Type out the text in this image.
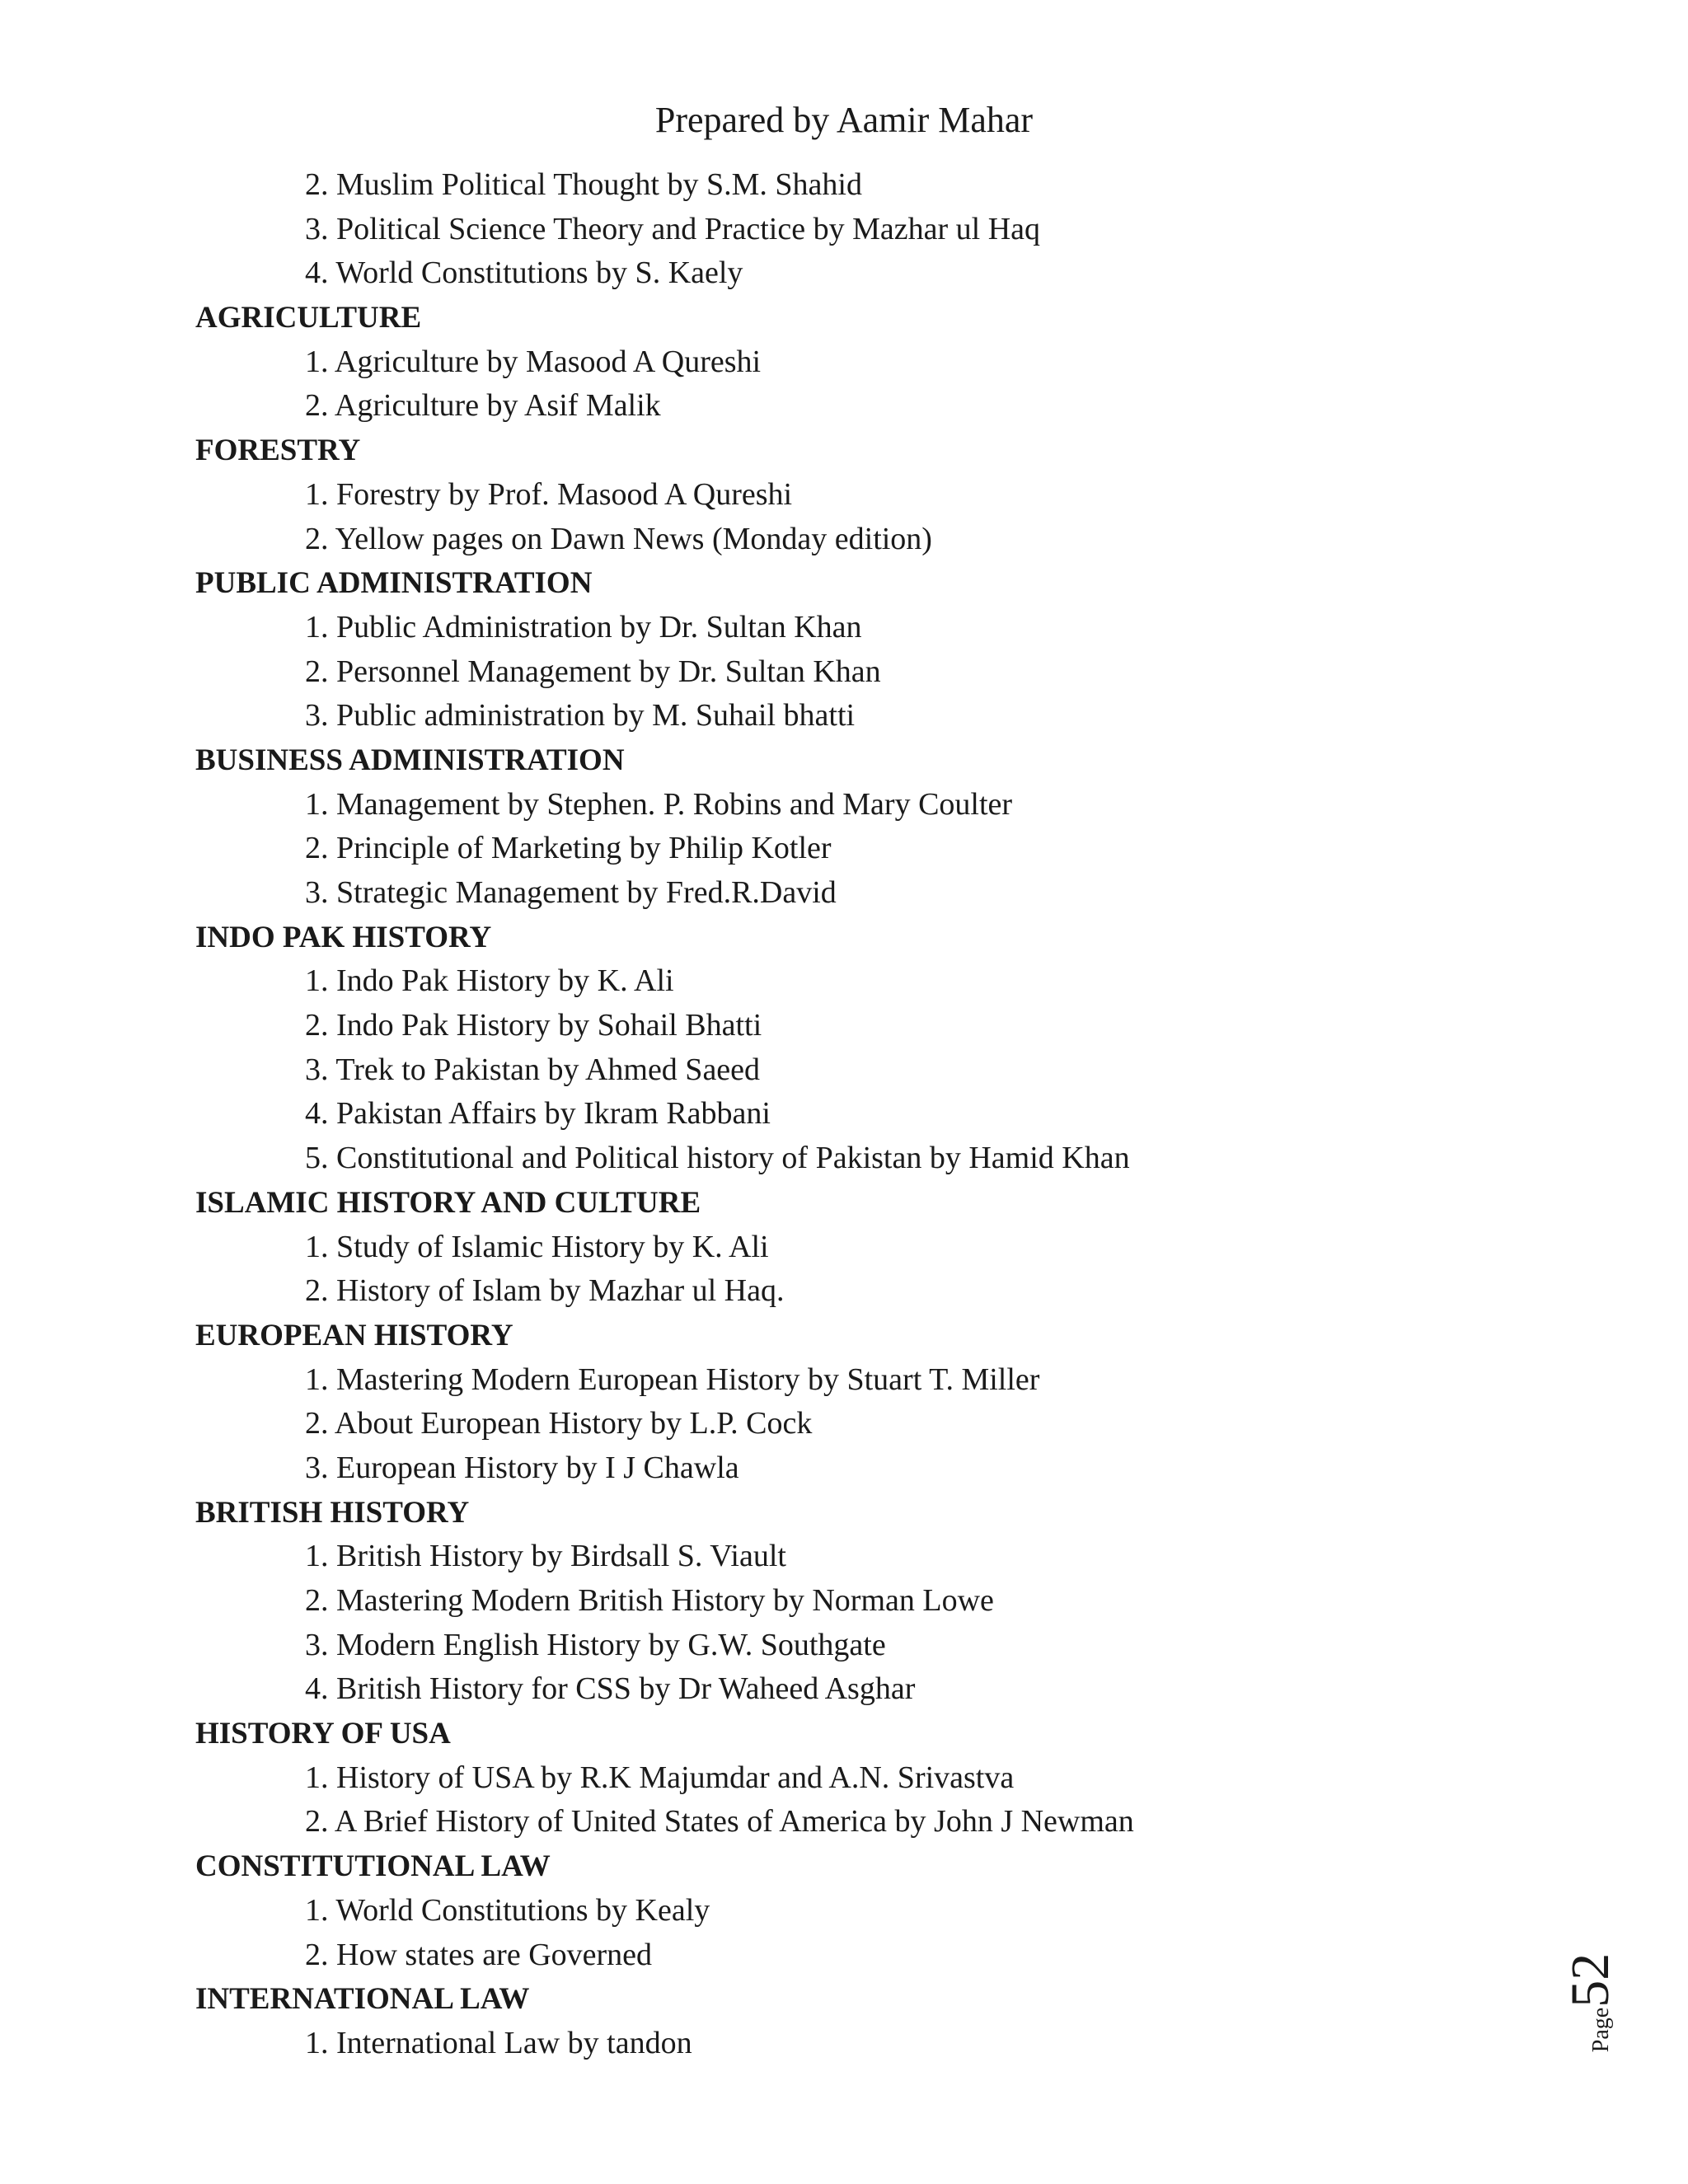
Prepared by Aamir Mahar
2. Muslim Political Thought by S.M. Shahid
3. Political Science Theory and Practice by Mazhar ul Haq
4. World Constitutions by S. Kaely
AGRICULTURE
1. Agriculture by Masood A Qureshi
2. Agriculture by Asif Malik
FORESTRY
1. Forestry by Prof. Masood A Qureshi
2. Yellow pages on Dawn News (Monday edition)
PUBLIC ADMINISTRATION
1. Public Administration by Dr. Sultan Khan
2. Personnel Management by Dr. Sultan Khan
3. Public administration by M. Suhail bhatti
BUSINESS ADMINISTRATION
1. Management by Stephen. P. Robins and Mary Coulter
2. Principle of Marketing by Philip Kotler
3. Strategic Management by Fred.R.David
INDO PAK HISTORY
1. Indo Pak History by K. Ali
2. Indo Pak History by Sohail Bhatti
3. Trek to Pakistan by Ahmed Saeed
4. Pakistan Affairs by Ikram Rabbani
5. Constitutional and Political history of Pakistan by Hamid Khan
ISLAMIC HISTORY AND CULTURE
1. Study of Islamic History by K. Ali
2. History of Islam by Mazhar ul Haq.
EUROPEAN HISTORY
1. Mastering Modern European History by Stuart T. Miller
2. About European History by L.P. Cock
3. European History by I J Chawla
BRITISH HISTORY
1. British History by Birdsall S. Viault
2. Mastering Modern British History by Norman Lowe
3. Modern English History by G.W. Southgate
4. British History for CSS by Dr Waheed Asghar
HISTORY OF USA
1. History of USA by R.K Majumdar and A.N. Srivastva
2. A Brief History of United States of America by John J Newman
CONSTITUTIONAL LAW
1. World Constitutions by Kealy
2. How states are Governed
INTERNATIONAL LAW
1. International Law by tandon	Page
52
